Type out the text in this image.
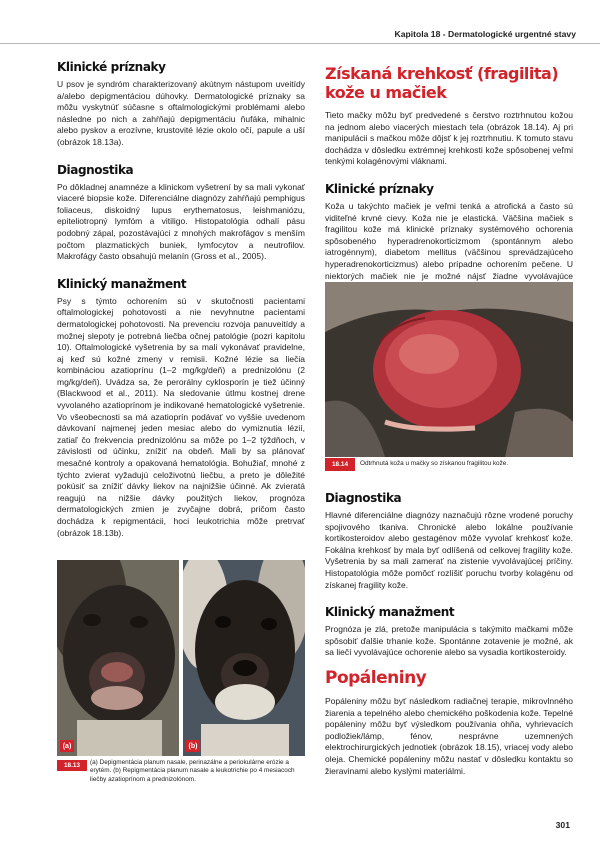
Kapitola 18 - Dermatologické urgentné stavy
Klinické príznaky

U psov je syndróm charakterizovaný akútnym nástupom uveitídy a/alebo depigmentáciou dúhovky. Dermatologické príznaky sa môžu vyskytnúť súčasne s oftalmologickými problémami alebo následne po nich a zahŕňajú depigmentáciu ňufáka, mihalnic alebo pyskov a erozívne, krustovité lézie okolo očí, papule a uší (obrázok 18.13a).

Diagnostika

Po dôkladnej anamnéze a klinickom vyšetrení by sa mali vykonať viaceré biopsie kože. Diferenciálne diagnózy zahŕňajú pemphigus foliaceus, diskoidný lupus erythematosus, leishmaniózu, epiteliotropný lymfóm a vitiligo. Histopatológia odhalí pásu podobný zápal, pozostávajúci z mnohých makrofágov s menším počtom plazmatických buniek, lymfocytov a neutrofilov. Makrofágy často obsahujú melanín (Gross et al., 2005).

Klinický manažment

Psy s týmto ochorením sú v skutočnosti pacientami oftalmologickej pohotovosti a nie nevyhnutne pacientami dermatologickej pohotovosti. Na prevenciu rozvoja panuveitídy a možnej slepoty je potrebná liečba očnej patológie (pozri kapitolu 10). Oftalmologické vyšetrenia by sa mali vykonávať pravidelne, aj keď sú kožné zmeny v remisii. Kožné lézie sa liečia kombináciou azatioprínu (1–2 mg/kg/deň) a prednizolónu (2 mg/kg/deň). Uvádza sa, že perorálny cyklosporín je tiež účinný (Blackwood et al., 2011). Na sledovanie útlmu kostnej drene vyvolaného azatioprínom je indikované hematologické vyšetrenie. Vo všeobecnosti sa má azatioprín podávať vo vyššie uvedenom dávkovaní najmenej jeden mesiac alebo do vymiznutia lézií, zatiaľ čo frekvencia prednizolónu sa môže po 1–2 týždňoch, v závislosti od účinku, znížiť na obdeň. Mali by sa plánovať mesačné kontroly a opakovaná hematológia. Bohužiaľ, mnohé z týchto zvierat vyžadujú celoživotnú liečbu, a preto je dôležité pokúsiť sa znížiť dávky liekov na najnižšie účinné. Ak zvieratá reagujú na nižšie dávky použitých liekov, prognóza dermatologických zmien je zvyčajne dobrá, pričom často dochádza k repigmentácii, hoci leukotrichia môže pretrvať (obrázok 18.13b).

(a)	(b)
18.13	(a) Depigmentácia planum nasale, perinazálne a periokulárne erózie a erytém. (b) Repigmentácia planum nasale a leukotrichie po 4 mesiacoch liečby azatioprínom a prednizolónom.
Získaná krehkosť (fragilita)
kože u mačiek

Tieto mačky môžu byť predvedené s čerstvo roztrhnutou kožou na jednom alebo viacerých miestach tela (obrázok 18.14). Aj pri manipulácii s mačkou môže dôjsť k jej roztrhnutiu. K tomuto stavu dochádza v dôsledku extrémnej krehkosti kože spôsobenej veľmi tenkými kolagénovými vláknami.

Klinické príznaky

Koža u takýchto mačiek je veľmi tenká a atrofická a často sú viditeľné krvné cievy. Koža nie je elastická. Väčšina mačiek s fragilitou kože má klinické príznaky systémového ochorenia spôsobeného hyperadrenokorticizmom (spontánnym alebo iatrogénnym), diabetom mellitus (väčšinou sprevádzajúceho hyperadrenokorticizmus) alebo prípadne ochorením pečene. U niektorých mačiek nie je možné nájsť žiadne vyvolávajúce

18.14	Odtrhnutá koža u mačky so získanou fragilitou kože.
Diagnostika

Hlavné diferenciálne diagnózy naznačujú rôzne vrodené poruchy spojivového tkaniva. Chronické alebo lokálne používanie kortikosteroidov alebo gestagénov môže vyvolať krehkosť kože. Fokálna krehkosť by mala byť odlíšená od celkovej fragility kože. Vyšetrenia by sa mali zamerať na zistenie vyvolávajúcej príčiny. Histopatológia môže pomôcť rozlíšiť poruchu tvorby kolagénu od získanej fragility kože.

Klinický manažment

Prognóza je zlá, pretože manipulácia s takýmito mačkami môže spôsobiť ďalšie trhanie kože. Spontánne zotavenie je možné, ak sa liečí vyvolávajúce ochorenie alebo sa vysadia kortikosteroidy.

Popáleniny

Popáleniny môžu byť následkom radiačnej terapie, mikrovlnného žiarenia a tepelného alebo chemického poškodenia kože. Tepelné popáleniny môžu byť výsledkom používania ohňa, vyhrievacích podložiek/lámp, fénov, nesprávne uzemnených elektrochirurgických jednotiek (obrázok 18.15), vriacej vody alebo oleja. Chemické popáleniny môžu nastať v dôsledku kontaktu so žieravinami alebo kyslými materiálmi.

301
